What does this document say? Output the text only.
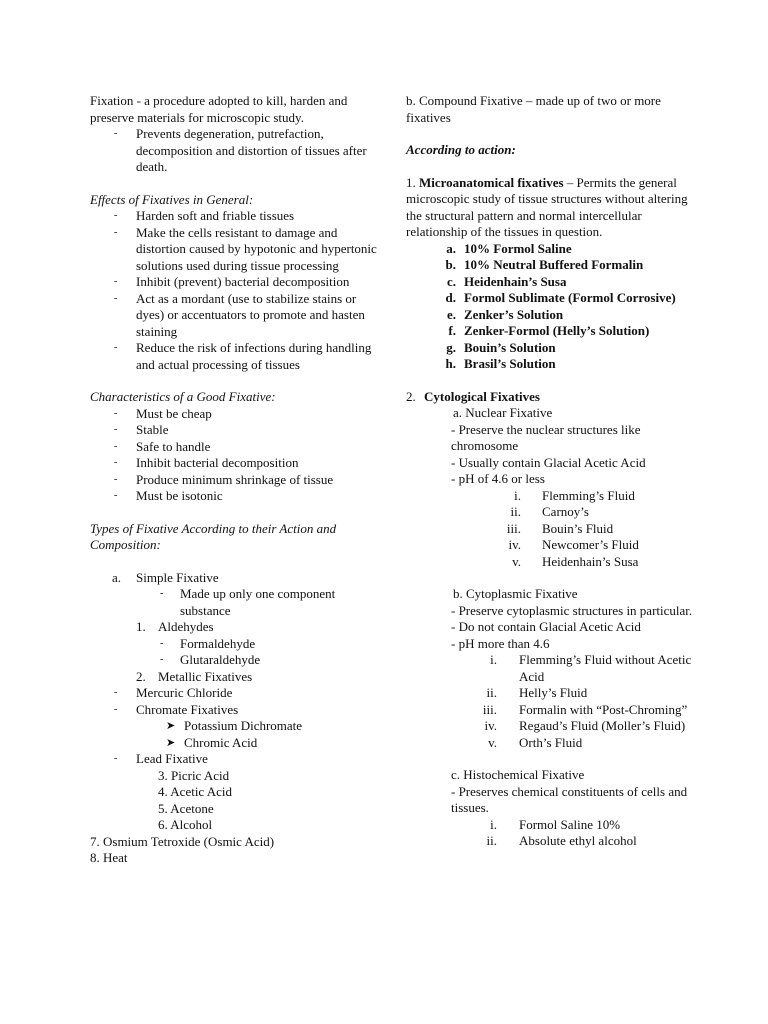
Fixation - a procedure adopted to kill, harden and preserve materials for microscopic study.

- Prevents degeneration, putrefaction, decomposition and distortion of tissues after death.

Effects of Fixatives in General:

- Harden soft and friable tissues
- Make the cells resistant to damage and distortion caused by hypotonic and hypertonic solutions used during tissue processing
- Inhibit (prevent) bacterial decomposition
- Act as a mordant (use to stabilize stains or dyes) or accentuators to promote and hasten staining
- Reduce the risk of infections during handling and actual processing of tissues

Characteristics of a Good Fixative:

- Must be cheap
- Stable
- Safe to handle
- Inhibit bacterial decomposition
- Produce minimum shrinkage of tissue
- Must be isotonic

Types of Fixative According to their Action and Composition:

a. Simple Fixative
- Made up only one component substance
1. Aldehydes
- Formaldehyde
- Glutaraldehyde
2. Metallic Fixatives
- Mercuric Chloride
- Chromate Fixatives
➤ Potassium Dichromate
➤ Chromic Acid
- Lead Fixative

3. Picric Acid

4. Acetic Acid

5. Acetone

6. Alcohol

7. Osmium Tetroxide (Osmic Acid)

8. Heat

b. Compound Fixative – made up of two or more fixatives

According to action:

1. Microanatomical fixatives – Permits the general microscopic study of tissue structures without altering the structural pattern and normal intercellular relationship of the tissues in question.

a. 10% Formol Saline
b. 10% Neutral Buffered Formalin
c. Heidenhain’s Susa
d. Formol Sublimate (Formol Corrosive)
e. Zenker’s Solution
f. Zenker-Formol (Helly’s Solution)
g. Bouin’s Solution
h. Brasil’s Solution
2. Cytological Fixatives

a. Nuclear Fixative

- Preserve the nuclear structures like chromosome

- Usually contain Glacial Acetic Acid

- pH of 4.6 or less

i. Flemming’s Fluid
ii. Carnoy’s
iii. Bouin’s Fluid
iv. Newcomer’s Fluid
v. Heidenhain’s Susa

b. Cytoplasmic Fixative

- Preserve cytoplasmic structures in particular.

- Do not contain Glacial Acetic Acid

- pH more than 4.6

i. Flemming’s Fluid without Acetic Acid
ii. Helly’s Fluid
iii. Formalin with “Post-Chroming”
iv. Regaud’s Fluid (Moller’s Fluid)
v. Orth’s Fluid

c. Histochemical Fixative

- Preserves chemical constituents of cells and tissues.

i. Formol Saline 10%
ii. Absolute ethyl alcohol
